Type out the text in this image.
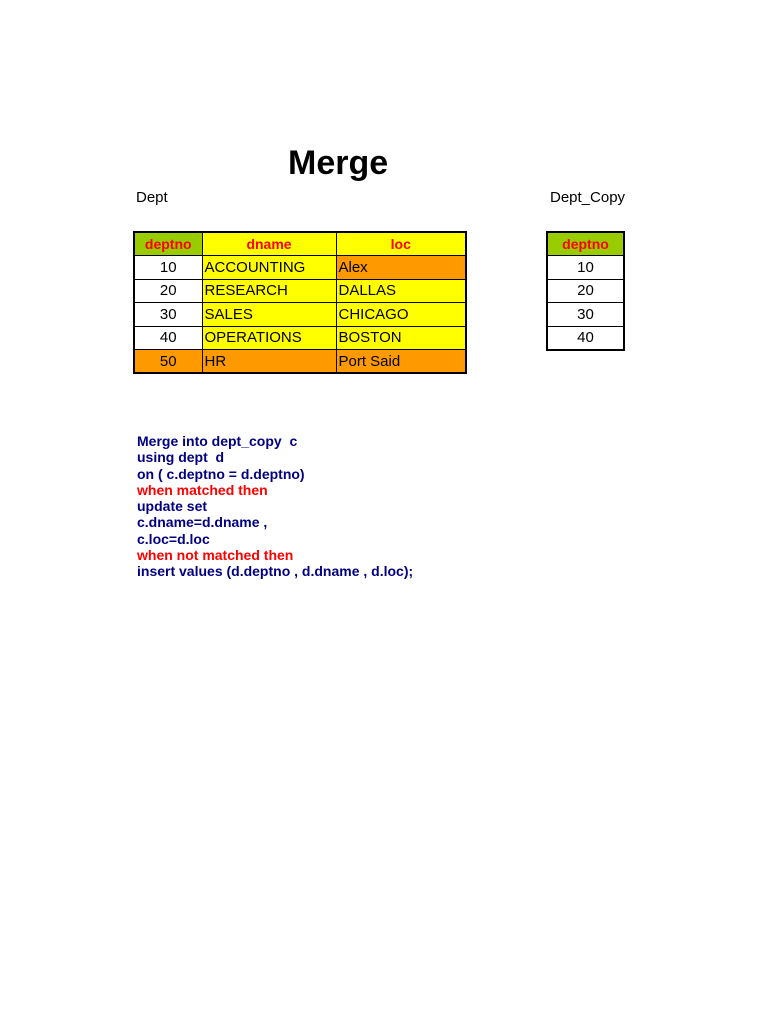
Merge
Dept	Dept_Copy
deptno	dname	loc
10	ACCOUNTING	Alex
20	RESEARCH	DALLAS
30	SALES	CHICAGO
40	OPERATIONS	BOSTON
50	HR	Port Said
deptno
10
20
30
40
Merge into dept_copy  c
using dept  d
on ( c.deptno = d.deptno)
when matched then
update set
c.dname=d.dname ,
c.loc=d.loc
when not matched then
insert values (d.deptno , d.dname , d.loc);
